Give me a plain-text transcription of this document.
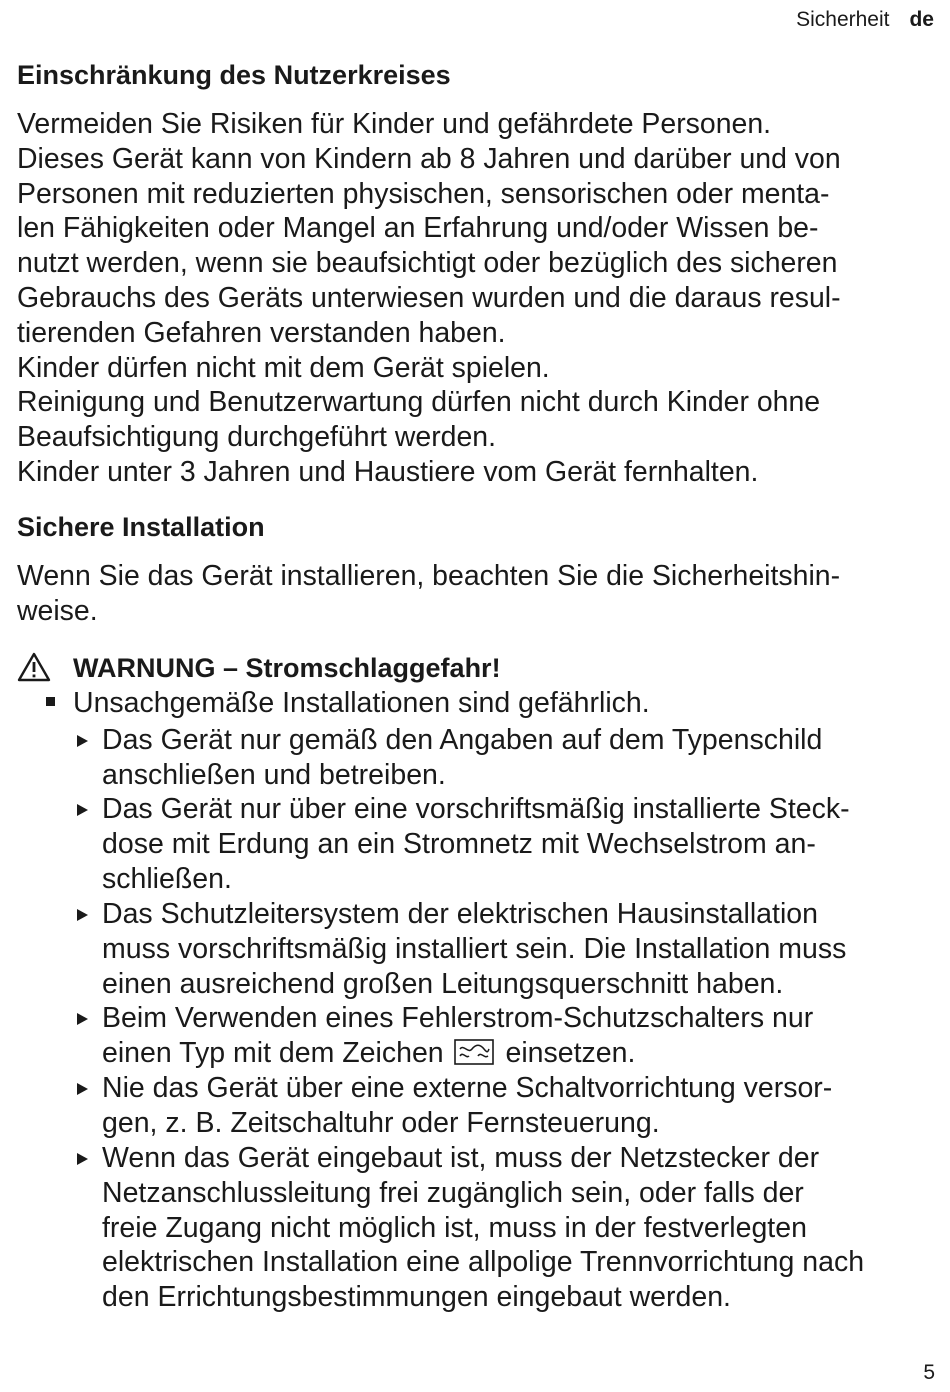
Sicherheit de
Einschränkung des Nutzerkreises
Vermeiden Sie Risiken für Kinder und gefährdete Personen.
Dieses Gerät kann von Kindern ab 8 Jahren und darüber und von
Personen mit reduzierten physischen, sensorischen oder menta-
len Fähigkeiten oder Mangel an Erfahrung und/oder Wissen be-
nutzt werden, wenn sie beaufsichtigt oder bezüglich des sicheren
Gebrauchs des Geräts unterwiesen wurden und die daraus resul-
tierenden Gefahren verstanden haben.
Kinder dürfen nicht mit dem Gerät spielen.
Reinigung und Benutzerwartung dürfen nicht durch Kinder ohne
Beaufsichtigung durchgeführt werden.
Kinder unter 3 Jahren und Haustiere vom Gerät fernhalten.
Sichere Installation
Wenn Sie das Gerät installieren, beachten Sie die Sicherheitshin-
weise.
WARNUNG – Stromschlaggefahr!
Unsachgemäße Installationen sind gefährlich.
Das Gerät nur gemäß den Angaben auf dem Typenschild
anschließen und betreiben.
Das Gerät nur über eine vorschriftsmäßig installierte Steck-
dose mit Erdung an ein Stromnetz mit Wechselstrom an-
schließen.
Das Schutzleitersystem der elektrischen Hausinstallation
muss vorschriftsmäßig installiert sein. Die Installation muss
einen ausreichend großen Leitungsquerschnitt haben.
Beim Verwenden eines Fehlerstrom-Schutzschalters nur
einen Typ mit dem Zeichen einsetzen.
Nie das Gerät über eine externe Schaltvorrichtung versor-
gen, z. B. Zeitschaltuhr oder Fernsteuerung.
Wenn das Gerät eingebaut ist, muss der Netzstecker der
Netzanschlussleitung frei zugänglich sein, oder falls der
freie Zugang nicht möglich ist, muss in der festverlegten
elektrischen Installation eine allpolige Trennvorrichtung nach
den Errichtungsbestimmungen eingebaut werden.
5
